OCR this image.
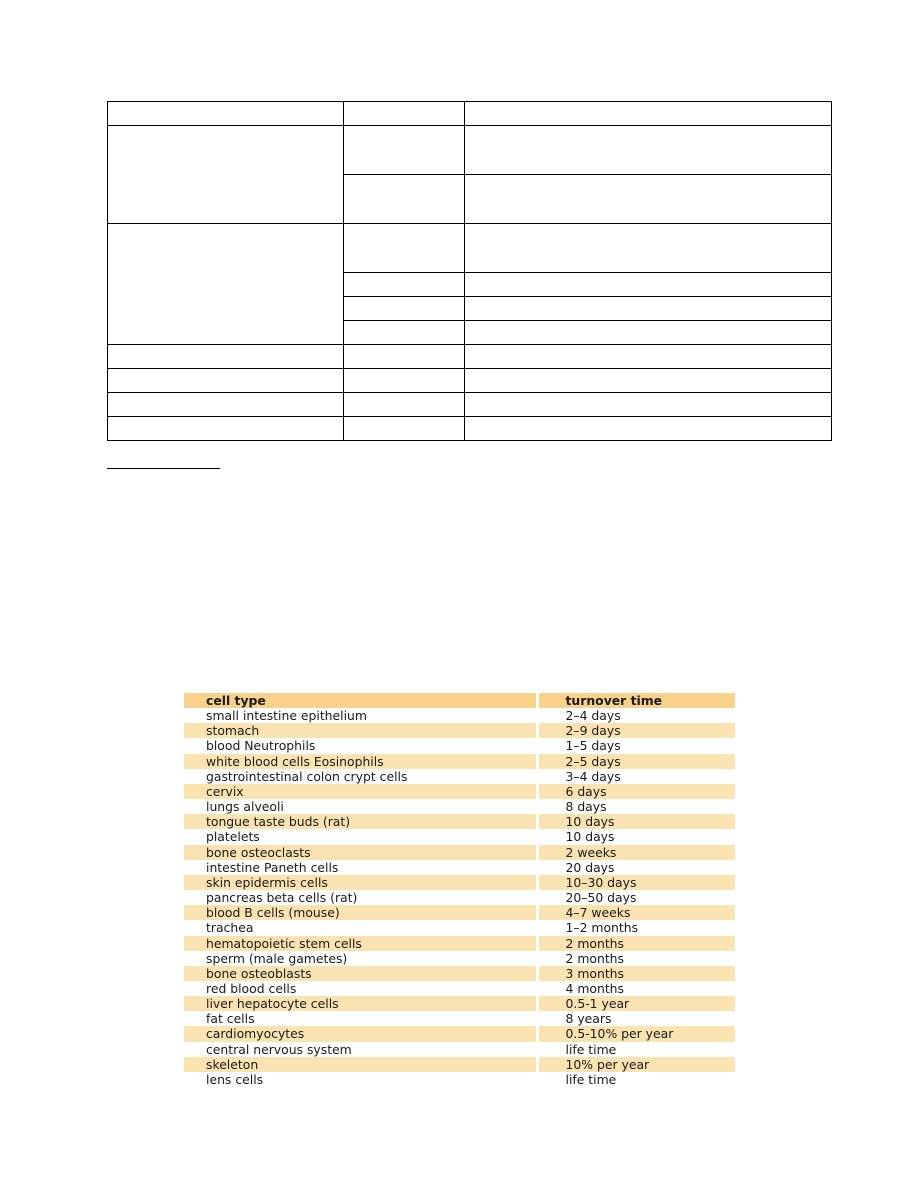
cell type	turnover time
small intestine epithelium	2–4 days
stomach	2–9 days
blood Neutrophils	1–5 days
white blood cells Eosinophils	2–5 days
gastrointestinal colon crypt cells	3–4 days
cervix	6 days
lungs alveoli	8 days
tongue taste buds (rat)	10 days
platelets	10 days
bone osteoclasts	2 weeks
intestine Paneth cells	20 days
skin epidermis cells	10–30 days
pancreas beta cells (rat)	20–50 days
blood B cells (mouse)	4–7 weeks
trachea	1–2 months
hematopoietic stem cells	2 months
sperm (male gametes)	2 months
bone osteoblasts	3 months
red blood cells	4 months
liver hepatocyte cells	0.5-1 year
fat cells	8 years
cardiomyocytes	0.5-10% per year
central nervous system	life time
skeleton	10% per year
lens cells	life time
